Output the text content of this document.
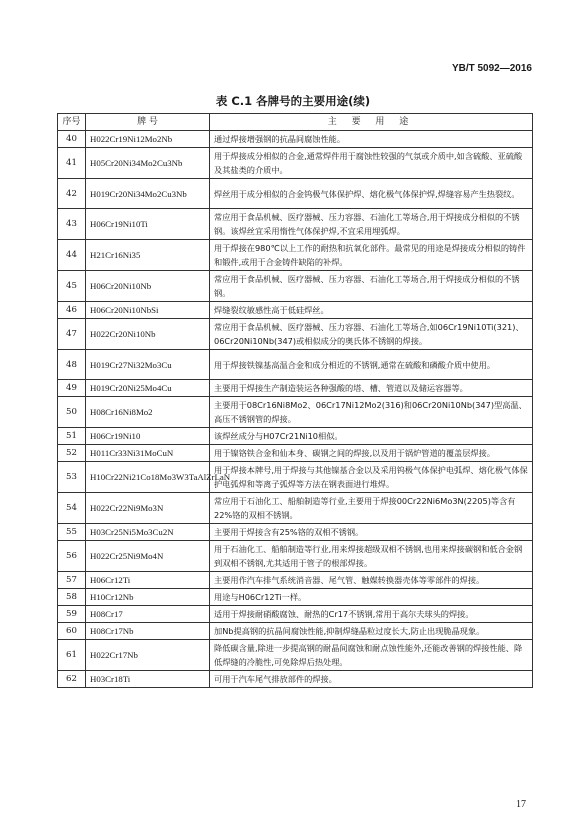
YB/T 5092—2016
表 C.1 各牌号的主要用途(续)
序号	牌 号	主 要 用 途
40	H022Cr19Ni12Mo2Nb	通过焊接增强钢的抗晶间腐蚀性能。
41	H05Cr20Ni34Mo2Cu3Nb	用于焊接成分相似的合金,通常焊件用于腐蚀性较强的气氛或介质中,如含硫酸、亚硫酸及其盐类的介质中。
42	H019Cr20Ni34Mo2Cu3Nb	焊丝用于成分相似的合金钨极气体保护焊、熔化极气体保护焊,焊缝容易产生热裂纹。
43	H06Cr19Ni10Ti	常应用于食品机械、医疗器械、压力容器、石油化工等场合,用于焊接成分相似的不锈钢。该焊丝宜采用惰性气体保护焊,不宜采用埋弧焊。
44	H21Cr16Ni35	用于焊接在980℃以上工作的耐热和抗氧化部件。最常见的用途是焊接成分相似的铸件和锻件,或用于合金铸件缺陷的补焊。
45	H06Cr20Ni10Nb	常应用于食品机械、医疗器械、压力容器、石油化工等场合,用于焊接成分相似的不锈钢。
46	H06Cr20Ni10NbSi	焊缝裂纹敏感性高于低硅焊丝。
47	H022Cr20Ni10Nb	常应用于食品机械、医疗器械、压力容器、石油化工等场合,如06Cr19Ni10Ti(321)、06Cr20Ni10Nb(347)或相似成分的奥氏体不锈钢的焊接。
48	H019Cr27Ni32Mo3Cu	用于焊接铁镍基高温合金和成分相近的不锈钢,通常在硫酸和磷酸介质中使用。
49	H019Cr20Ni25Mo4Cu	主要用于焊接生产制造装运各种强酸的塔、槽、管道以及储运容器等。
50	H08Cr16Ni8Mo2	主要用于08Cr16Ni8Mo2、06Cr17Ni12Mo2(316)和06Cr20Ni10Nb(347)型高温、高压不锈钢管的焊接。
51	H06Cr19Ni10	该焊丝成分与H07Cr21Ni10相似。
52	H011Cr33Ni31MoCuN	用于镍铬铁合金和仙本身、碳钢之间的焊接,以及用于锅炉管道的覆盖层焊接。
53	H10Cr22Ni21Co18Mo3W3TaAlZrLaN	用于焊接本牌号,用于焊接与其他镍基合金以及采用钨极气体保护电弧焊、熔化极气体保护电弧焊和等离子弧焊等方法在钢表面进行堆焊。
54	H022Cr22Ni9Mo3N	常应用于石油化工、船舶制造等行业,主要用于焊接00Cr22Ni6Mo3N(2205)等含有22%铬的双相不锈钢。
55	H03Cr25Ni5Mo3Cu2N	主要用于焊接含有25%铬的双相不锈钢。
56	H022Cr25Ni9Mo4N	用于石油化工、船舶制造等行业,用来焊接超级双相不锈钢,也用来焊接碳钢和低合金钢到双相不锈钢,尤其适用于管子的根部焊接。
57	H06Cr12Ti	主要用作汽车排气系统消音器、尾气管、触媒转换器壳体等零部件的焊接。
58	H10Cr12Nb	用途与H06Cr12Ti一样。
59	H08Cr17	适用于焊接耐硝酸腐蚀、耐热的Cr17不锈钢,常用于高尔夫球头的焊接。
60	H08Cr17Nb	加Nb提高钢的抗晶间腐蚀性能,抑制焊缝晶粒过度长大,防止出现脆晶现象。
61	H022Cr17Nb	降低碳含量,除进一步提高钢的耐晶间腐蚀和耐点蚀性能外,还能改善钢的焊接性能、降低焊缝的冷脆性,可免除焊后热处理。
62	H03Cr18Ti	可用于汽车尾气排放部件的焊接。
17
